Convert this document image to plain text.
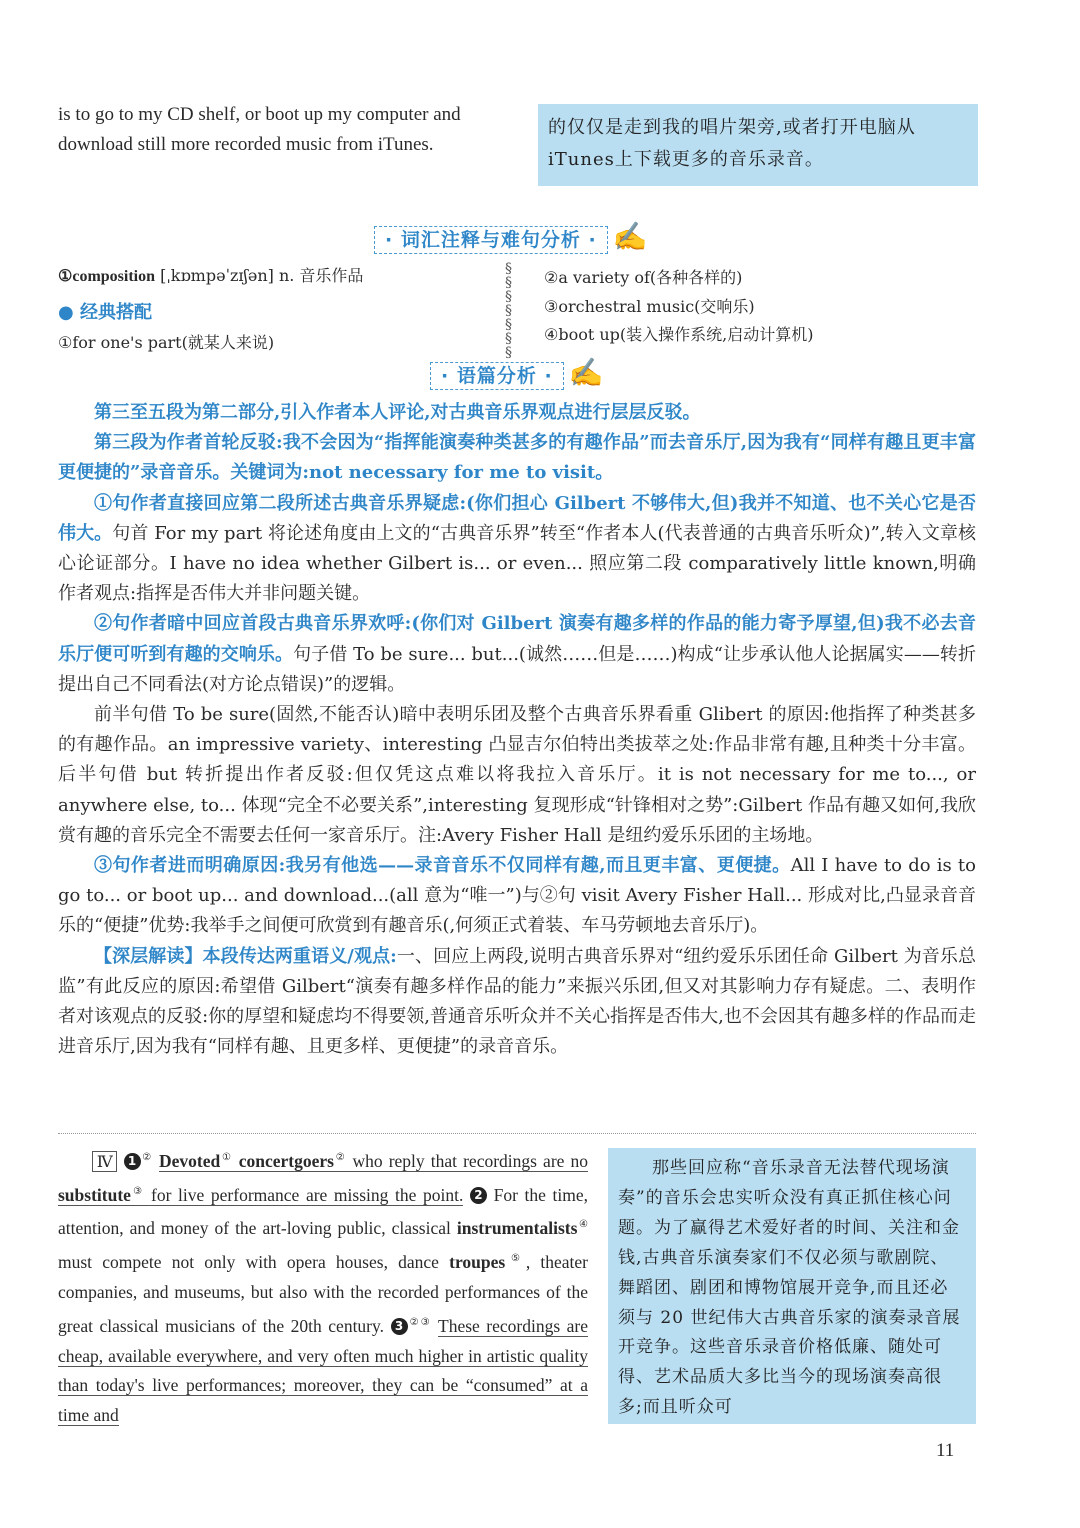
is to go to my CD shelf, or boot up my computer and download still more recorded music from iTunes.
的仅仅是走到我的唱片架旁,或者打开电脑从iTunes上下载更多的音乐录音。
· 词汇注释与难句分析 · ✍
①composition [ˌkɒmpəˈzɪʃən] n. 音乐作品
● 经典搭配
①for one's part(就某人来说)
§
§
§
§
§
§
§
②a variety of(各种各样的)
③orchestral music(交响乐)
④boot up(装入操作系统,启动计算机)
· 语篇分析 · ✍

第三至五段为第二部分,引入作者本人评论,对古典音乐界观点进行层层反驳。

第三段为作者首轮反驳:我不会因为“指挥能演奏种类甚多的有趣作品”而去音乐厅,因为我有“同样有趣且更丰富更便捷的”录音音乐。关键词为:not necessary for me to visit。

①句作者直接回应第二段所述古典音乐界疑虑:(你们担心 Gilbert 不够伟大,但)我并不知道、也不关心它是否伟大。句首 For my part 将论述角度由上文的“古典音乐界”转至“作者本人(代表普通的古典音乐听众)”,转入文章核心论证部分。I have no idea whether Gilbert is... or even... 照应第二段 comparatively little known,明确作者观点:指挥是否伟大并非问题关键。

②句作者暗中回应首段古典音乐界欢呼:(你们对 Gilbert 演奏有趣多样的作品的能力寄予厚望,但)我不必去音乐厅便可听到有趣的交响乐。句子借 To be sure... but...(诚然……但是……)构成“让步承认他人论据属实——转折提出自己不同看法(对方论点错误)”的逻辑。

前半句借 To be sure(固然,不能否认)暗中表明乐团及整个古典音乐界看重 Glibert 的原因:他指挥了种类甚多的有趣作品。an impressive variety、interesting 凸显吉尔伯特出类拔萃之处:作品非常有趣,且种类十分丰富。后半句借 but 转折提出作者反驳:但仅凭这点难以将我拉入音乐厅。it is not necessary for me to..., or anywhere else, to... 体现“完全不必要关系”,interesting 复现形成“针锋相对之势”:Gilbert 作品有趣又如何,我欣赏有趣的音乐完全不需要去任何一家音乐厅。注:Avery Fisher Hall 是纽约爱乐乐团的主场地。

③句作者进而明确原因:我另有他选——录音音乐不仅同样有趣,而且更丰富、更便捷。All I have to do is to go to... or boot up... and download...(all 意为“唯一”)与②句 visit Avery Fisher Hall... 形成对比,凸显录音音乐的“便捷”优势:我举手之间便可欣赏到有趣音乐(,何须正式着装、车马劳顿地去音乐厅)。

【深层解读】本段传达两重语义/观点:一、回应上两段,说明古典音乐界对“纽约爱乐乐团任命 Gilbert 为音乐总监”有此反应的原因:希望借 Gilbert“演奏有趣多样作品的能力”来振兴乐团,但又对其影响力存有疑虑。二、表明作者对该观点的反驳:你的厚望和疑虑均不得要领,普通音乐听众并不关心指挥是否伟大,也不会因其有趣多样的作品而走进音乐厅,因为我有“同样有趣、且更多样、更便捷”的录音音乐。

Ⅳ 1 ② Devoted① concertgoers② who reply that recordings are no substitute③ for live performance are missing the point. 2 For the time, attention, and money of the art-loving public, classical instrumentalists④ must compete not only with opera houses, dance troupes⑤, theater companies, and museums, but also with the recorded performances of the great classical musicians of the 20th century. 3 ②③ These recordings are cheap, available everywhere, and very often much higher in artistic quality than today's live performances; moreover, they can be “consumed” at a time and
那些回应称“音乐录音无法替代现场演奏”的音乐会忠实听众没有真正抓住核心问题。为了赢得艺术爱好者的时间、关注和金钱,古典音乐演奏家们不仅必须与歌剧院、舞蹈团、剧团和博物馆展开竞争,而且还必须与 20 世纪伟大古典音乐家的演奏录音展开竞争。这些音乐录音价格低廉、随处可得、艺术品质大多比当今的现场演奏高很多;而且听众可
11
